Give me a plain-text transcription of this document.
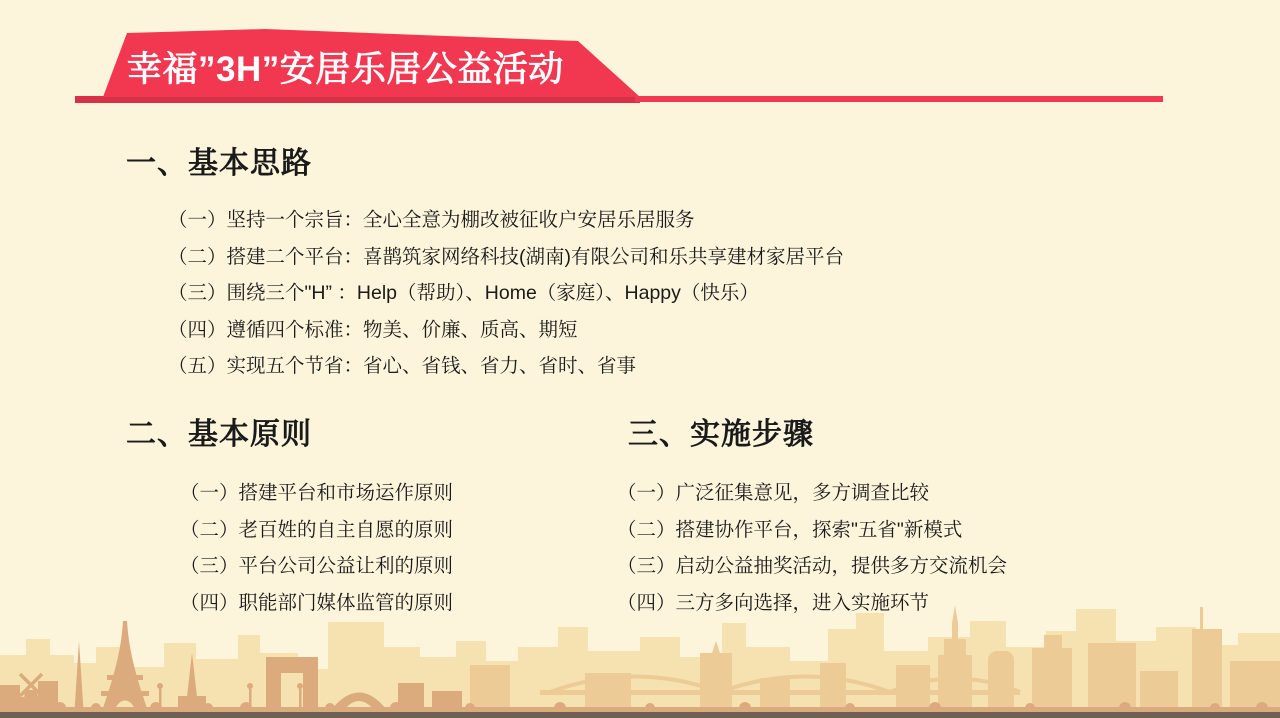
幸福”3H”安居乐居公益活动
一、基本思路
（一）坚持一个宗旨：全心全意为棚改被征收户安居乐居服务
（二）搭建二个平台：喜鹊筑家网络科技(湖南)有限公司和乐共享建材家居平台
（三）围绕三个"H” ：Help（帮助）、Home（家庭）、Happy（快乐）
（四）遵循四个标准：物美、价廉、质高、期短
（五）实现五个节省：省心、省钱、省力、省时、省事
二、基本原则
（一）搭建平台和市场运作原则
（二）老百姓的自主自愿的原则
（三）平台公司公益让利的原则
（四）职能部门媒体监管的原则
三、实施步骤
（一）广泛征集意见，多方调查比较
（二）搭建协作平台，探索"五省"新模式
（三）启动公益抽奖活动，提供多方交流机会
（四）三方多向选择，进入实施环节
